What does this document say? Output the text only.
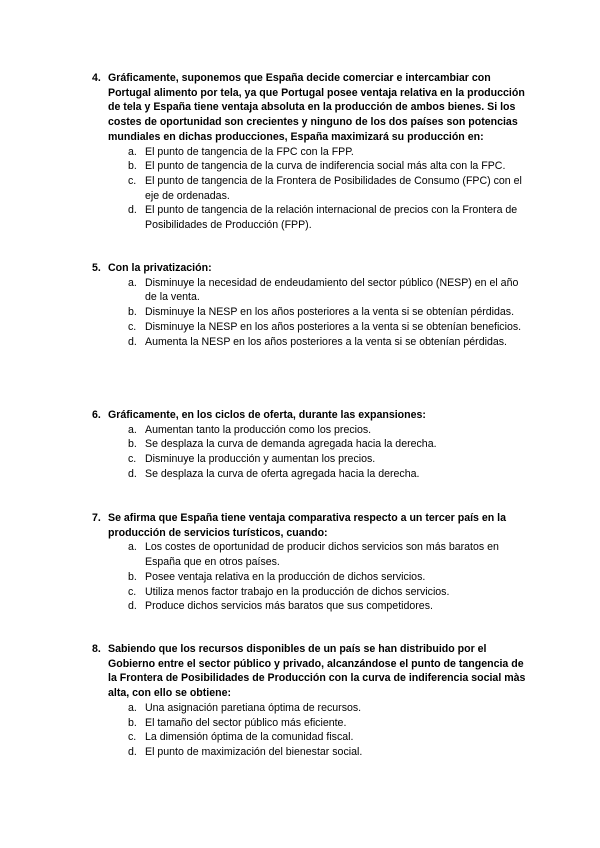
4. Gráficamente, suponemos que España decide comerciar e intercambiar con Portugal alimento por tela, ya que Portugal posee ventaja relativa en la producción de tela y España tiene ventaja absoluta en la producción de ambos bienes. Si los costes de oportunidad son crecientes y ninguno de los dos países son potencias mundiales en dichas producciones, España maximizará su producción en:
a. El punto de tangencia de la FPC con la FPP.
b. El punto de tangencia de la curva de indiferencia social más alta con la FPC.
c. El punto de tangencia de la Frontera de Posibilidades de Consumo (FPC) con el eje de ordenadas.
d. El punto de tangencia de la relación internacional de precios con la Frontera de Posibilidades de Producción (FPP).
5. Con la privatización:
a. Disminuye la necesidad de endeudamiento del sector público (NESP) en el año de la venta.
b. Disminuye la NESP en los años posteriores a la venta si se obtenían pérdidas.
c. Disminuye la NESP en los años posteriores a la venta si se obtenían beneficios.
d. Aumenta la NESP en los años posteriores a la venta si se obtenían pérdidas.
6. Gráficamente, en los ciclos de oferta, durante las expansiones:
a. Aumentan tanto la producción como los precios.
b. Se desplaza la curva de demanda agregada hacia la derecha.
c. Disminuye la producción y aumentan los precios.
d. Se desplaza la curva de oferta agregada hacia la derecha.
7. Se afirma que España tiene ventaja comparativa respecto a un tercer país en la producción de servicios turísticos, cuando:
a. Los costes de oportunidad de producir dichos servicios son más baratos en España que en otros países.
b. Posee ventaja relativa en la producción de dichos servicios.
c. Utiliza menos factor trabajo en la producción de dichos servicios.
d. Produce dichos servicios más baratos que sus competidores.
8. Sabiendo que los recursos disponibles de un país se han distribuido por el Gobierno entre el sector público y privado, alcanzándose el punto de tangencia de la Frontera de Posibilidades de Producción con la curva de indiferencia social màs alta, con ello se obtiene:
a. Una asignación paretiana óptima de recursos.
b. El tamaño del sector público más eficiente.
c. La dimensión óptima de la comunidad fiscal.
d. El punto de maximización del bienestar social.
